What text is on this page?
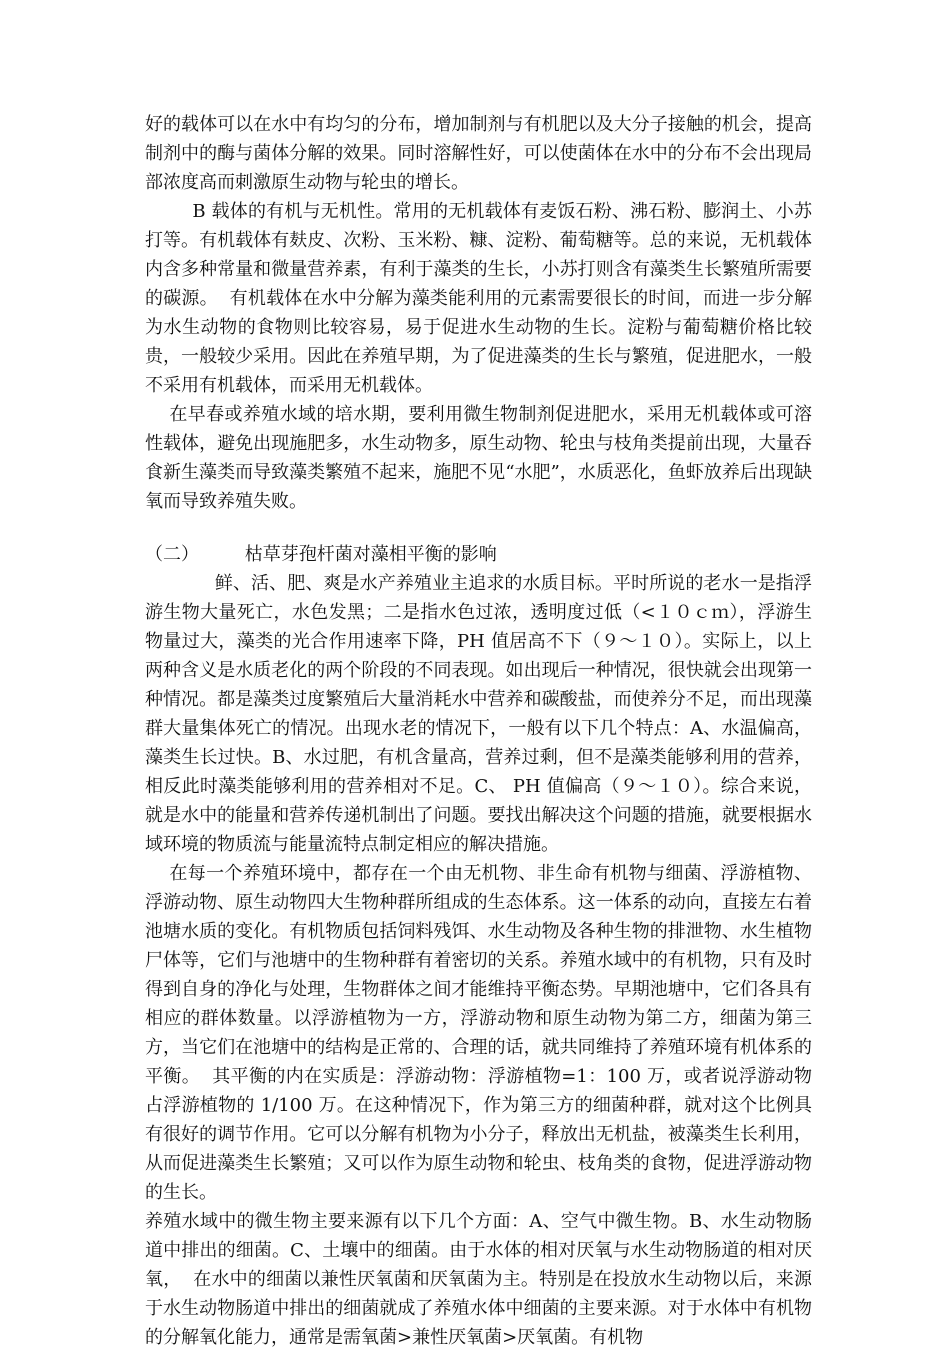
好的载体可以在水中有均匀的分布，增加制剂与有机肥以及大分子接触的机会，提高制剂中的酶与菌体分解的效果。同时溶解性好，可以使菌体在水中的分布不会出现局部浓度高而刺激原生动物与轮虫的增长。

B 载体的有机与无机性。常用的无机载体有麦饭石粉、沸石粉、膨润土、小苏打等。有机载体有麸皮、次粉、玉米粉、糠、淀粉、葡萄糖等。总的来说，无机载体内含多种常量和微量营养素，有利于藻类的生长，小苏打则含有藻类生长繁殖所需要的碳源。  有机载体在水中分解为藻类能利用的元素需要很长的时间，而进一步分解为水生动物的食物则比较容易，易于促进水生动物的生长。淀粉与葡萄糖价格比较贵，一般较少采用。因此在养殖早期，为了促进藻类的生长与繁殖，促进肥水，一般不采用有机载体，而采用无机载体。

在早春或养殖水域的培水期，要利用微生物制剂促进肥水，采用无机载体或可溶性载体，避免出现施肥多，水生动物多，原生动物、轮虫与枝角类提前出现，大量吞食新生藻类而导致藻类繁殖不起来，施肥不见“水肥”，水质恶化，鱼虾放养后出现缺氧而导致养殖失败。

（二）        枯草芽孢杆菌对藻相平衡的影响

鲜、活、肥、爽是水产养殖业主追求的水质目标。平时所说的老水一是指浮游生物大量死亡，水色发黑；二是指水色过浓，透明度过低（<１０ｃｍ），浮游生物量过大，藻类的光合作用速率下降，PH 值居高不下（９～１０）。实际上，以上两种含义是水质老化的两个阶段的不同表现。如出现后一种情况，很快就会出现第一种情况。都是藻类过度繁殖后大量消耗水中营养和碳酸盐，而使养分不足，而出现藻群大量集体死亡的情况。出现水老的情况下，一般有以下几个特点：A、水温偏高，藻类生长过快。B、水过肥，有机含量高，营养过剩，但不是藻类能够利用的营养，相反此时藻类能够利用的营养相对不足。C、 PH 值偏高（９～１０）。综合来说，就是水中的能量和营养传递机制出了问题。要找出解决这个问题的措施，就要根据水域环境的物质流与能量流特点制定相应的解决措施。

在每一个养殖环境中，都存在一个由无机物、非生命有机物与细菌、浮游植物、浮游动物、原生动物四大生物种群所组成的生态体系。这一体系的动向，直接左右着池塘水质的变化。有机物质包括饲料残饵、水生动物及各种生物的排泄物、水生植物尸体等，它们与池塘中的生物种群有着密切的关系。养殖水域中的有机物，只有及时得到自身的净化与处理，生物群体之间才能维持平衡态势。早期池塘中，它们各具有相应的群体数量。以浮游植物为一方，浮游动物和原生动物为第二方，细菌为第三方，当它们在池塘中的结构是正常的、合理的话，就共同维持了养殖环境有机体系的平衡。  其平衡的内在实质是：浮游动物：浮游植物=1：100 万，或者说浮游动物占浮游植物的 1/100 万。在这种情况下，作为第三方的细菌种群，就对这个比例具有很好的调节作用。它可以分解有机物为小分子，释放出无机盐，被藻类生长利用，从而促进藻类生长繁殖；又可以作为原生动物和轮虫、枝角类的食物，促进浮游动物的生长。

养殖水域中的微生物主要来源有以下几个方面：A、空气中微生物。B、水生动物肠道中排出的细菌。C、土壤中的细菌。由于水体的相对厌氧与水生动物肠道的相对厌氧，  在水中的细菌以兼性厌氧菌和厌氧菌为主。特别是在投放水生动物以后，来源于水生动物肠道中排出的细菌就成了养殖水体中细菌的主要来源。对于水体中有机物的分解氧化能力，通常是需氧菌>兼性厌氧菌>厌氧菌。有机物
